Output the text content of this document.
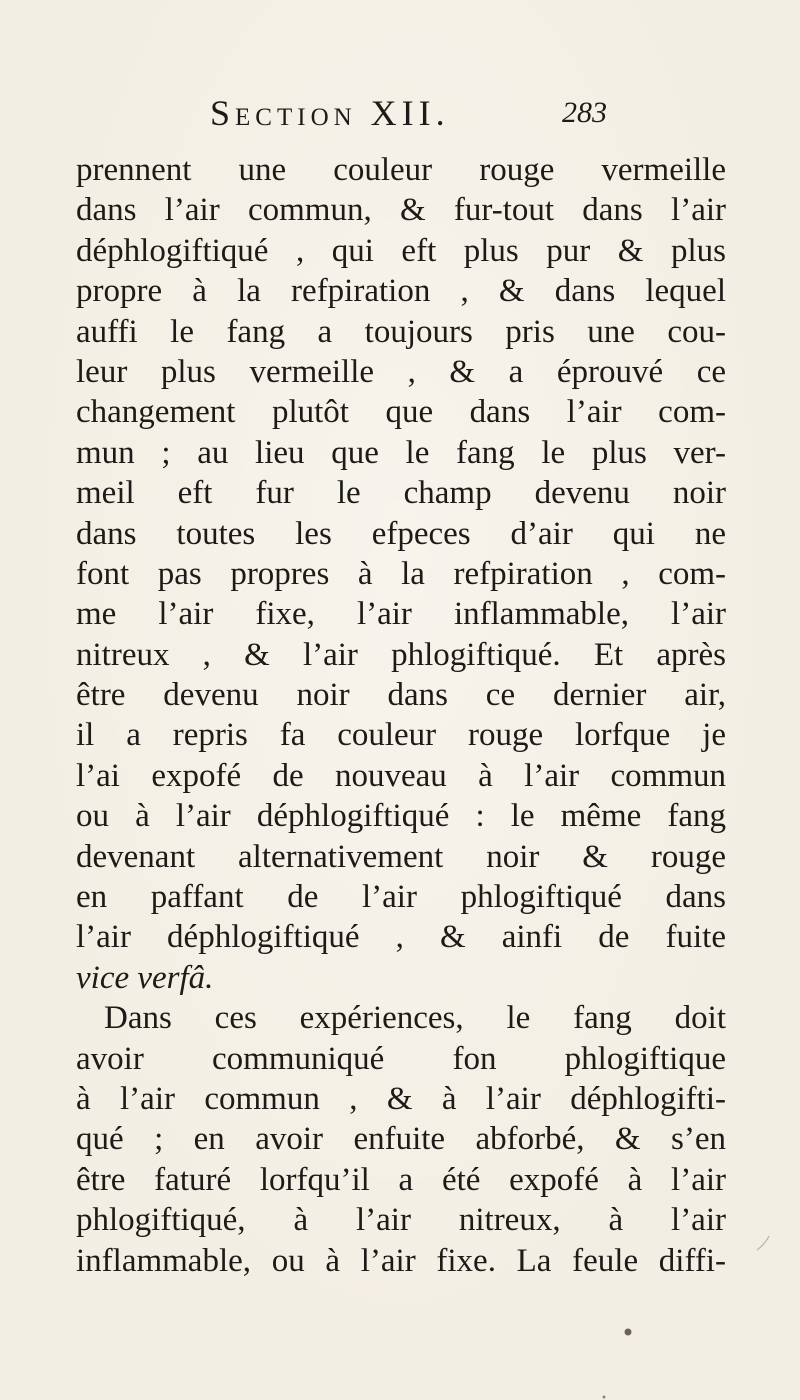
Section XII.	283
prennent une couleur rouge vermeille
dans l’air commun, & fur-tout dans l’air
déphlogiftiqué , qui eft plus pur & plus
propre à la refpiration , & dans lequel
auffi le fang a toujours pris une cou-
leur plus vermeille , & a éprouvé ce
changement plutôt que dans l’air com-
mun ; au lieu que le fang le plus ver-
meil eft fur le champ devenu noir
dans toutes les efpeces d’air qui ne
font pas propres à la refpiration , com-
me l’air fixe, l’air inflammable, l’air
nitreux , & l’air phlogiftiqué. Et après
être devenu noir dans ce dernier air,
il a repris fa couleur rouge lorfque je
l’ai expofé de nouveau à l’air commun
ou à l’air déphlogiftiqué : le même fang
devenant alternativement noir & rouge
en paffant de l’air phlogiftiqué dans
l’air déphlogiftiqué , & ainfi de fuite
vice verfâ.
Dans ces expériences, le fang doit
avoir communiqué fon phlogiftique
à l’air commun , & à l’air déphlogifti-
qué ; en avoir enfuite abforbé, & s’en
être faturé lorfqu’il a été expofé à l’air
phlogiftiqué, à l’air nitreux, à l’air
inflammable, ou à l’air fixe. La feule diffi-
